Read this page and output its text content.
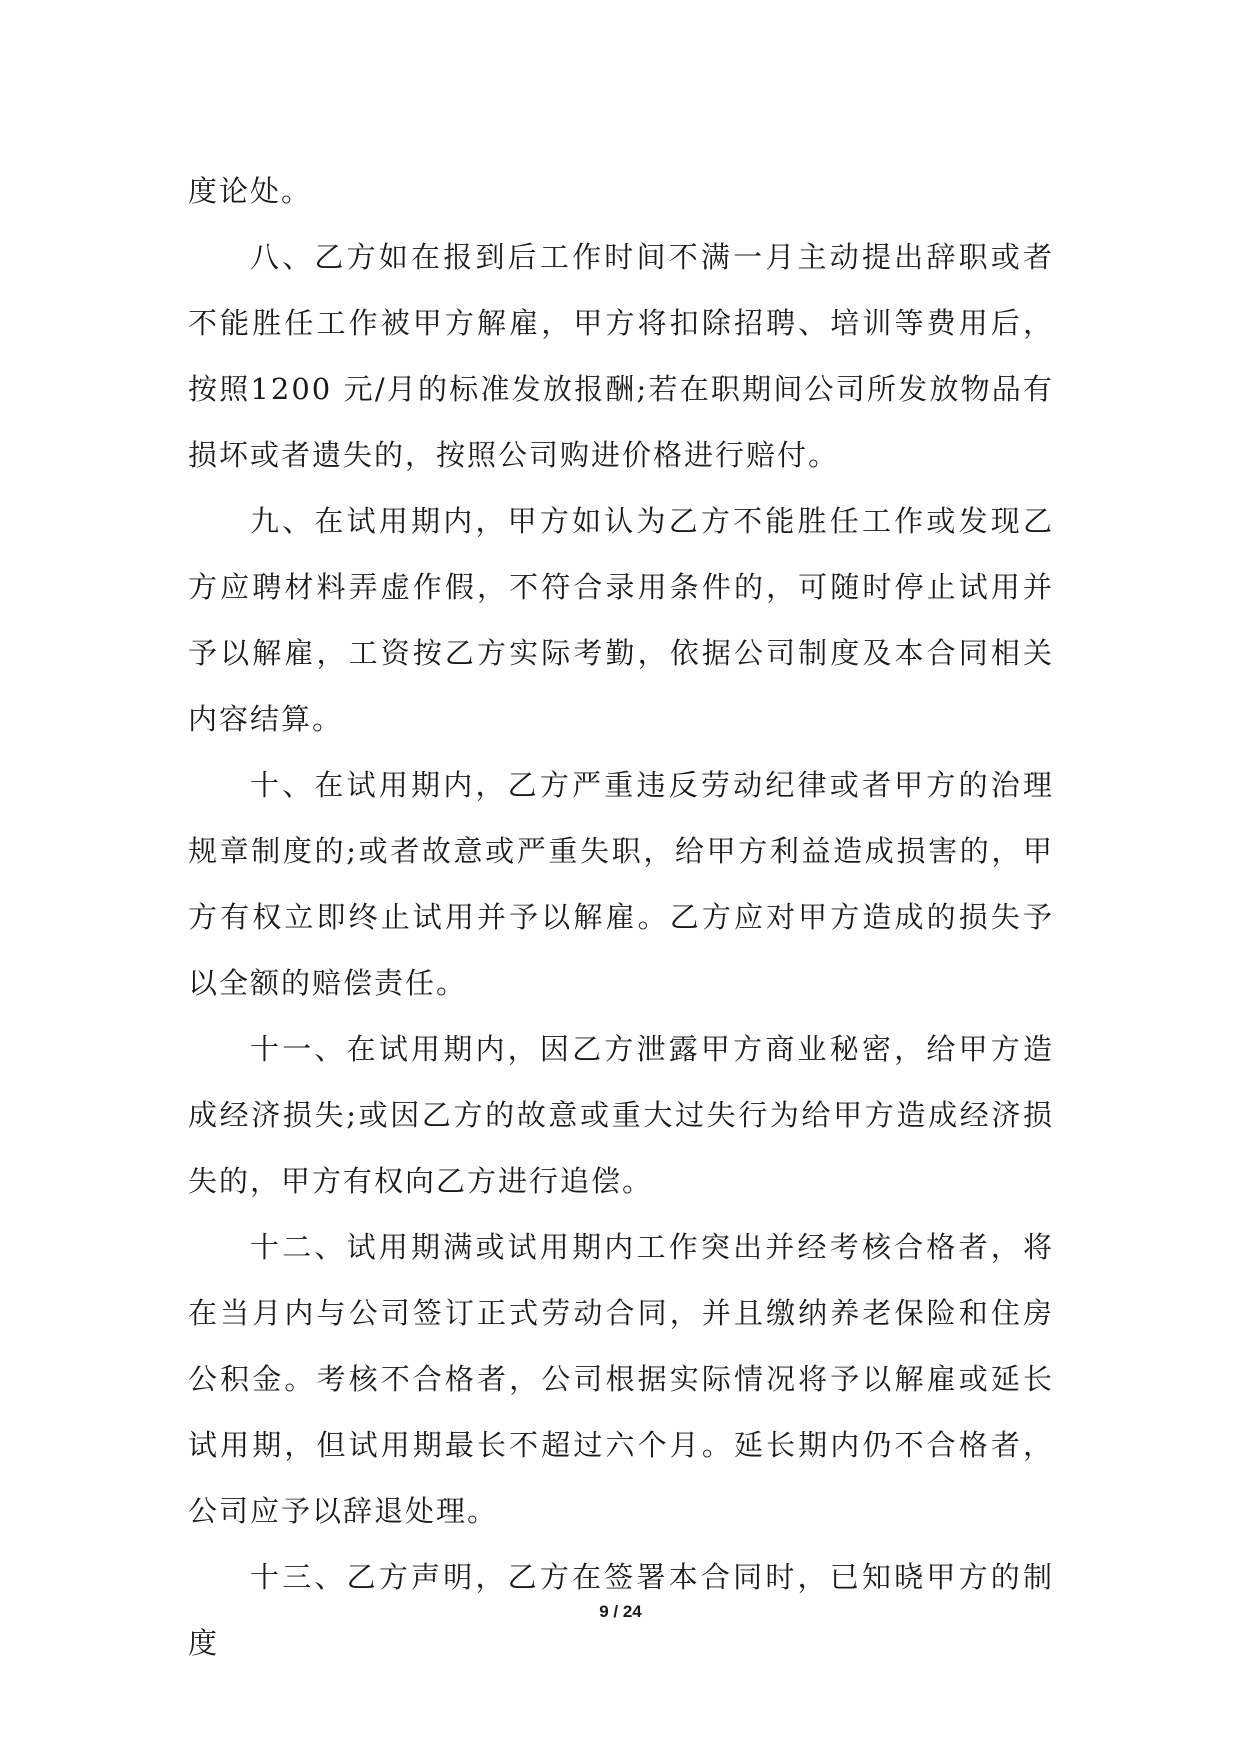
度论处。

八、乙方如在报到后工作时间不满一月主动提出辞职或者不能胜任工作被甲方解雇，甲方将扣除招聘、培训等费用后，按照1200 元/月的标准发放报酬;若在职期间公司所发放物品有损坏或者遗失的，按照公司购进价格进行赔付。

九、在试用期内，甲方如认为乙方不能胜任工作或发现乙方应聘材料弄虚作假，不符合录用条件的，可随时停止试用并予以解雇，工资按乙方实际考勤，依据公司制度及本合同相关内容结算。

十、在试用期内，乙方严重违反劳动纪律或者甲方的治理规章制度的;或者故意或严重失职，给甲方利益造成损害的，甲方有权立即终止试用并予以解雇。乙方应对甲方造成的损失予以全额的赔偿责任。

十一、在试用期内，因乙方泄露甲方商业秘密，给甲方造成经济损失;或因乙方的故意或重大过失行为给甲方造成经济损失的，甲方有权向乙方进行追偿。

十二、试用期满或试用期内工作突出并经考核合格者，将在当月内与公司签订正式劳动合同，并且缴纳养老保险和住房公积金。考核不合格者，公司根据实际情况将予以解雇或延长试用期，但试用期最长不超过六个月。延长期内仍不合格者，公司应予以辞退处理。

十三、乙方声明，乙方在签署本合同时，已知晓甲方的制度

9 / 24
